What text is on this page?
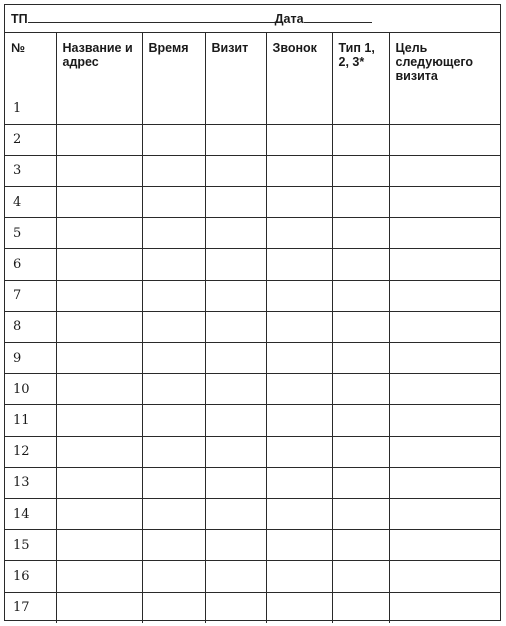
ТП	Дата
№	Название и адрес	Время	Визит	Звонок	Тип 1, 2, 3*	Цель следующего визита
1						
2						
3						
4						
5						
6						
7						
8						
9						
10						
11						
12						
13						
14						
15						
16						
17						
